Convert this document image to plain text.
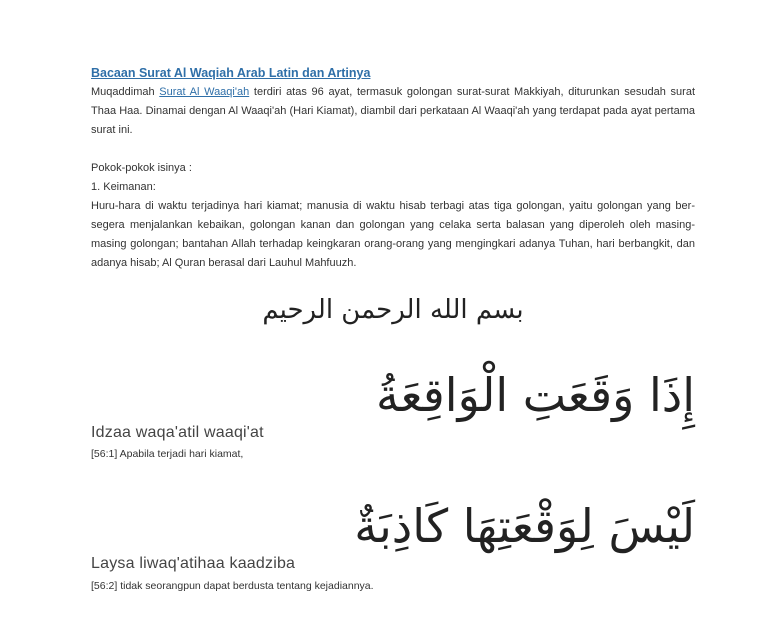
Bacaan Surat Al Waqiah Arab Latin dan Artinya

Muqaddimah Surat Al Waaqi'ah terdiri atas 96 ayat, termasuk golongan surat-surat Makkiyah, diturunkan sesudah surat Thaa Haa. Dinamai dengan Al Waaqi'ah (Hari Kiamat), diambil dari perkataan Al Waaqi'ah yang terdapat pada ayat pertama surat ini.

Pokok-pokok isinya :

1. Keimanan:

Huru-hara di waktu terjadinya hari kiamat; manusia di waktu hisab terbagi atas tiga golongan, yaitu golongan yang ber- segera menjalankan kebaikan, golongan kanan dan golongan yang celaka serta balasan yang diperoleh oleh masing-masing golongan; bantahan Allah terhadap keingkaran orang-orang yang mengingkari adanya Tuhan, hari berbangkit, dan adanya hisab; Al Quran berasal dari Lauhul Mahfuuzh.

بسم الله الرحمن الرحيم
إِذَا وَقَعَتِ الْوَاقِعَةُ
Idzaa waqa'atil waaqi'at
[56:1] Apabila terjadi hari kiamat,
لَيْسَ لِوَقْعَتِهَا كَاذِبَةٌ
Laysa liwaq'atihaa kaadziba
[56:2] tidak seorangpun dapat berdusta tentang kejadiannya.
